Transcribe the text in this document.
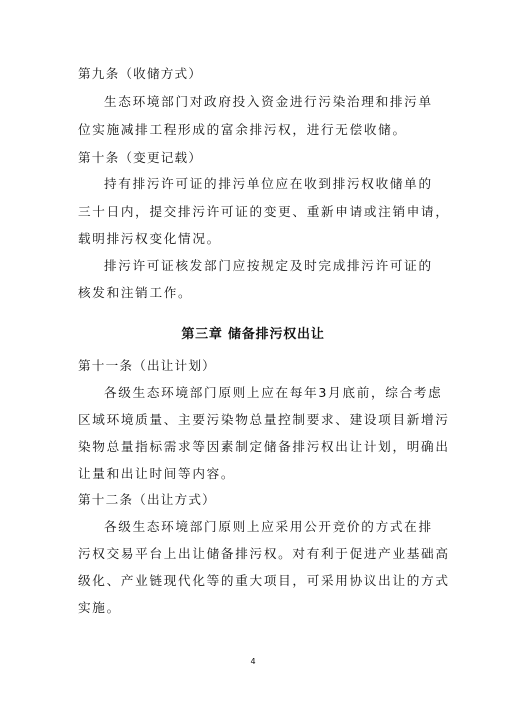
第九条（收储方式）
生态环境部门对政府投入资金进行污染治理和排污单
位实施减排工程形成的富余排污权，进行无偿收储。
第十条（变更记载）
持有排污许可证的排污单位应在收到排污权收储单的
三十日内，提交排污许可证的变更、重新申请或注销申请，
载明排污权变化情况。
排污许可证核发部门应按规定及时完成排污许可证的
核发和注销工作。
第三章 储备排污权出让
第十一条（出让计划）
各级生态环境部门原则上应在每年3月底前，综合考虑
区域环境质量、主要污染物总量控制要求、建设项目新增污
染物总量指标需求等因素制定储备排污权出让计划，明确出
让量和出让时间等内容。
第十二条（出让方式）
各级生态环境部门原则上应采用公开竞价的方式在排
污权交易平台上出让储备排污权。对有利于促进产业基础高
级化、产业链现代化等的重大项目，可采用协议出让的方式
实施。
4
